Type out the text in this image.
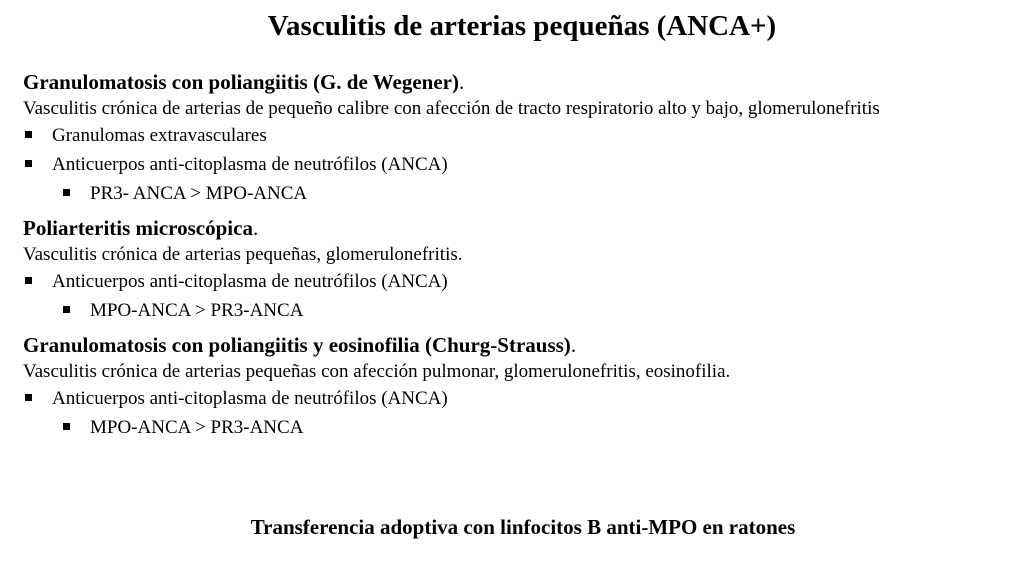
Vasculitis de arterias pequeñas (ANCA+)
Granulomatosis con poliangiitis (G. de Wegener).
Vasculitis crónica de arterias de pequeño calibre con afección de tracto respiratorio alto y bajo, glomerulonefritis
Granulomas extravasculares
Anticuerpos anti-citoplasma de neutrófilos (ANCA)
PR3- ANCA > MPO-ANCA
Poliarteritis microscópica.
Vasculitis crónica de arterias pequeñas, glomerulonefritis.
Anticuerpos anti-citoplasma de neutrófilos (ANCA)
MPO-ANCA > PR3-ANCA
Granulomatosis con poliangiitis y eosinofilia (Churg-Strauss).
Vasculitis crónica de arterias pequeñas con afección pulmonar, glomerulonefritis, eosinofilia.
Anticuerpos anti-citoplasma de neutrófilos (ANCA)
MPO-ANCA > PR3-ANCA
Transferencia adoptiva con linfocitos B anti-MPO en ratones
